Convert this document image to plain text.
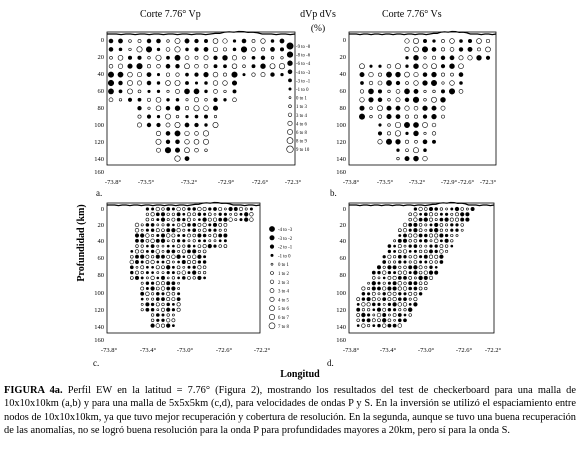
Corte 7.76° Vp
a.
0
20
40
60
80
100
120
140
160
-73.8°	-73.5°	-73.2°	-72.9°	-72.6°	-72.3°
Corte 7.76° Vs
b.
0
20
40
60
80
100
120
140
160
-73.8°	-73.5° -73.2° -72.9° -72.6° -72.3°
c.
0
20
40
60
80
100
120
140
160
-73.8°	-73.4°	-73.0°	-72.6°	-72.2°
d.
0
20
40
60
80
100
120
140
160
-73.8°	-73.4°	-73.0°	-72.6° -72.2°
dVp dVs
(%)
-9 to -8
-8 to -6
-6 to -4
-4 to -3
-3 to -1
-1 to 0
0 to 1
1 to 3
3 to 4
4 to 6
6 to 8
8 to 9
9 to 10
-4 to -3
-3 to -2
-2 to -1
-1 to 0
0 to 1
1 to 2
2 to 3
3 to 4
4 to 5
5 to 6
6 to 7
7 to 8
Profundidad (km)
Longitud
FIGURA 4a. Perfil EW en la latitud = 7.76° (Figura 2), mostrando los resultados del test de checkerboard para una malla de 10x10x10km (a,b) y para una malla de 5x5x5km (c,d), para velocidades de ondas P y S. En la inversión se utilizó el espaciamiento entre nodos de 10x10x10km, ya que tuvo mejor recuperación y cobertura de resolución. En la segunda, aunque se tuvo una buena recuperación de las anomalías, no se logró buena resolución para la onda P para profundidades mayores a 20km, pero sí para la onda S.
